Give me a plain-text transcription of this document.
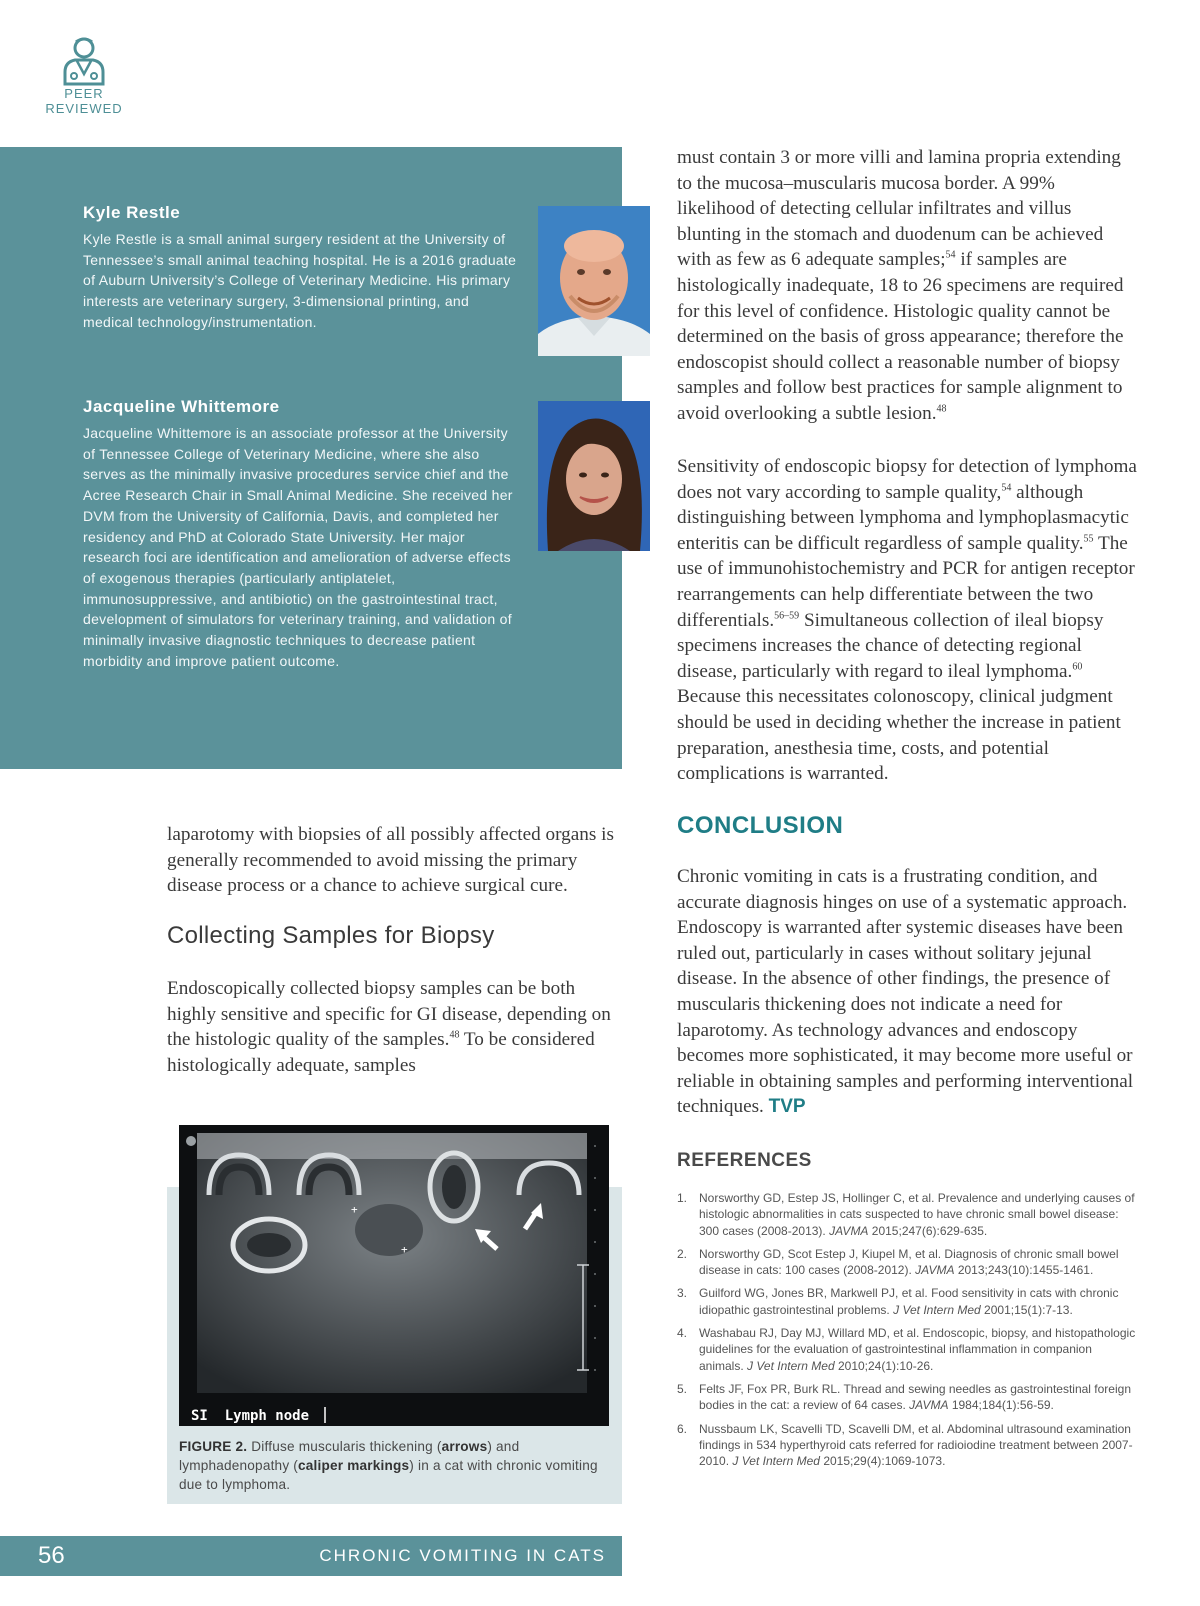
PEER
REVIEWED
Kyle Restle

Kyle Restle is a small animal surgery resident at the University of Tennessee’s small animal teaching hospital. He is a 2016 graduate of Auburn University’s College of Veterinary Medicine. His primary interests are veterinary surgery, 3-dimensional printing, and medical technology/instrumentation.

Jacqueline Whittemore

Jacqueline Whittemore is an associate professor at the University of Tennessee College of Veterinary Medicine, where she also serves as the minimally invasive procedures service chief and the Acree Research Chair in Small Animal Medicine. She received her DVM from the University of California, Davis, and completed her residency and PhD at Colorado State University. Her major research foci are identification and amelioration of adverse effects of exogenous therapies (particularly antiplatelet, immunosuppressive, and antibiotic) on the gastrointestinal tract, development of simulators for veterinary training, and validation of minimally invasive diagnostic techniques to decrease patient morbidity and improve patient outcome.

must contain 3 or more villi and lamina propria extending to the mucosa–muscularis mucosa border. A 99% likelihood of detecting cellular infiltrates and villus blunting in the stomach and duodenum can be achieved with as few as 6 adequate samples;$^{54}$ if samples are histologically inadequate, 18 to 26 specimens are required for this level of confidence. Histologic quality cannot be determined on the basis of gross appearance; therefore the endoscopist should collect a reasonable number of biopsy samples and follow best practices for sample alignment to avoid overlooking a subtle lesion.$^{48}$

Sensitivity of endoscopic biopsy for detection of lymphoma does not vary according to sample quality,$^{54}$ although distinguishing between lymphoma and lymphoplasmacytic enteritis can be difficult regardless of sample quality.$^{55}$ The use of immunohistochemistry and PCR for antigen receptor rearrangements can help differentiate between the two differentials.$^{56-59}$ Simultaneous collection of ileal biopsy specimens increases the chance of detecting regional disease, particularly with regard to ileal lymphoma.$^{60}$ Because this necessitates colonoscopy, clinical judgment should be used in deciding whether the increase in patient preparation, anesthesia time, costs, and potential complications is warranted.

CONCLUSION

Chronic vomiting in cats is a frustrating condition, and accurate diagnosis hinges on use of a systematic approach. Endoscopy is warranted after systemic diseases have been ruled out, particularly in cases without solitary jejunal disease. In the absence of other findings, the presence of muscularis thickening does not indicate a need for laparotomy. As technology advances and endoscopy becomes more sophisticated, it may become more useful or reliable in obtaining samples and performing interventional techniques. TVP

laparotomy with biopsies of all possibly affected organs is generally recommended to avoid missing the primary disease process or a chance to achieve surgical cure.

Collecting Samples for Biopsy

Endoscopically collected biopsy samples can be both highly sensitive and specific for GI disease, depending on the histologic quality of the samples.$^{48}$ To be considered histologically adequate, samples

+
+
SI  Lymph node
FIGURE 2. Diffuse muscularis thickening (arrows) and lymphadenopathy (caliper markings) in a cat with chronic vomiting due to lymphoma.
REFERENCES
1. Norsworthy GD, Estep JS, Hollinger C, et al. Prevalence and underlying causes of histologic abnormalities in cats suspected to have chronic small bowel disease: 300 cases (2008-2013). JAVMA 2015;247(6):629-635.
2. Norsworthy GD, Scot Estep J, Kiupel M, et al. Diagnosis of chronic small bowel disease in cats: 100 cases (2008-2012). JAVMA 2013;243(10):1455-1461.
3. Guilford WG, Jones BR, Markwell PJ, et al. Food sensitivity in cats with chronic idiopathic gastrointestinal problems. J Vet Intern Med 2001;15(1):7-13.
4. Washabau RJ, Day MJ, Willard MD, et al. Endoscopic, biopsy, and histopathologic guidelines for the evaluation of gastrointestinal inflammation in companion animals. J Vet Intern Med 2010;24(1):10-26.
5. Felts JF, Fox PR, Burk RL. Thread and sewing needles as gastrointestinal foreign bodies in the cat: a review of 64 cases. JAVMA 1984;184(1):56-59.
6. Nussbaum LK, Scavelli TD, Scavelli DM, et al. Abdominal ultrasound examination findings in 534 hyperthyroid cats referred for radioiodine treatment between 2007-2010. J Vet Intern Med 2015;29(4):1069-1073.
56	CHRONIC VOMITING IN CATS
